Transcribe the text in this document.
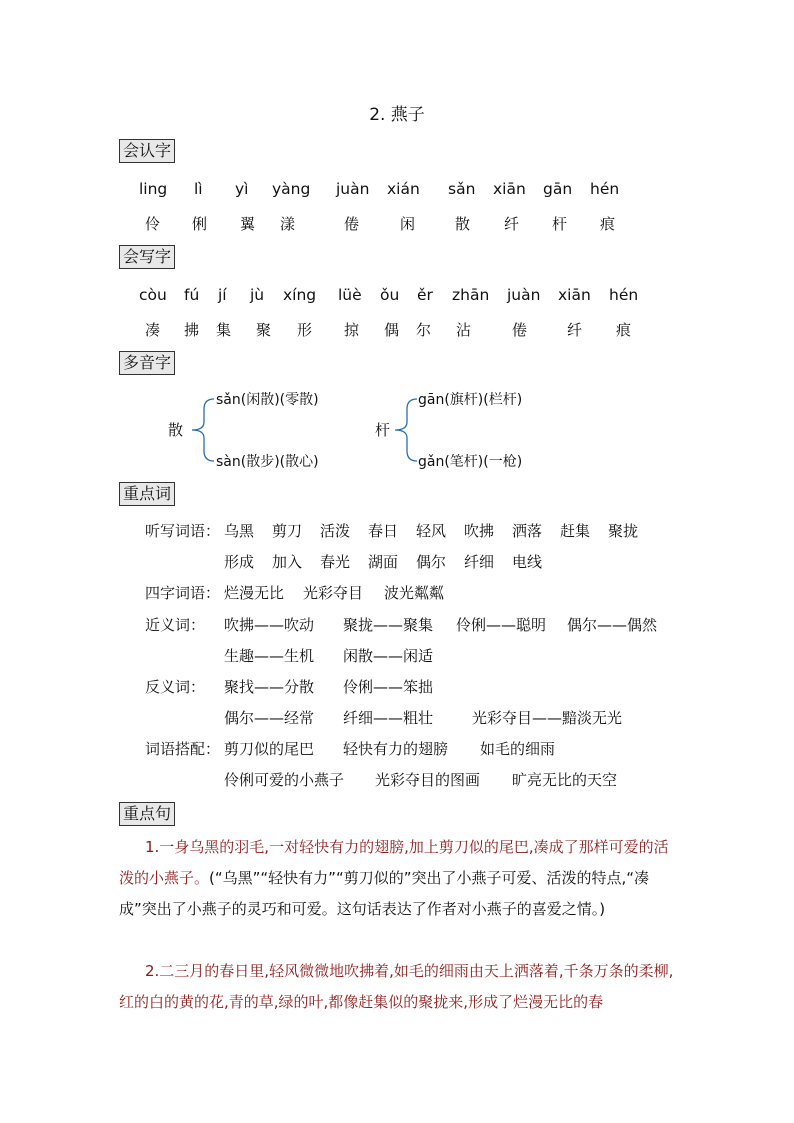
2. 燕子
会认字
ling lì yì yàng juàn xián sǎn xiān gān hén
伶 俐 翼 漾	倦	闲	散 纤 杆 痕
会写字
còu fú jí jù xíng lüè ǒu ěr zhān juàn xiān hén
凑 拂 集 聚 形 掠 偶 尔 沾	倦	纤 痕
多音字
散
sǎn(闲散)(零散)
sàn(散步)(散心)
杆
gān(旗杆)(栏杆)
gǎn(笔杆)(一枪)
重点词
听写词语： 乌黑 剪刀 活泼 春日 轻风 吹拂 洒落 赶集 聚拢
形成 加入 春光 湖面 偶尔 纤细 电线
四字词语： 烂漫无比 光彩夺目 波光粼粼
近义词： 吹拂——吹动 聚拢——聚集 伶俐——聪明 偶尔——偶然
生趣——生机 闲散——闲适
反义词： 聚找——分散 伶俐——笨拙
偶尔——经常 纤细——粗壮	光彩夺目——黯淡无光
词语搭配： 剪刀似的尾巴 轻快有力的翅膀 如毛的细雨
伶俐可爱的小燕子 光彩夺目的图画 旷亮无比的天空
重点句
1.一身乌黑的羽毛,一对轻快有力的翅膀,加上剪刀似的尾巴,凑成了那样可爱的活泼的小燕子。(“乌黑”“轻快有力”“剪刀似的”突出了小燕子可爱、活泼的特点,“凑成”突出了小燕子的灵巧和可爱。这句话表达了作者对小燕子的喜爱之情。)
2.二三月的春日里,轻风微微地吹拂着,如毛的细雨由天上洒落着,千条万条的柔柳,红的白的黄的花,青的草,绿的叶,都像赶集似的聚拢来,形成了烂漫无比的春
